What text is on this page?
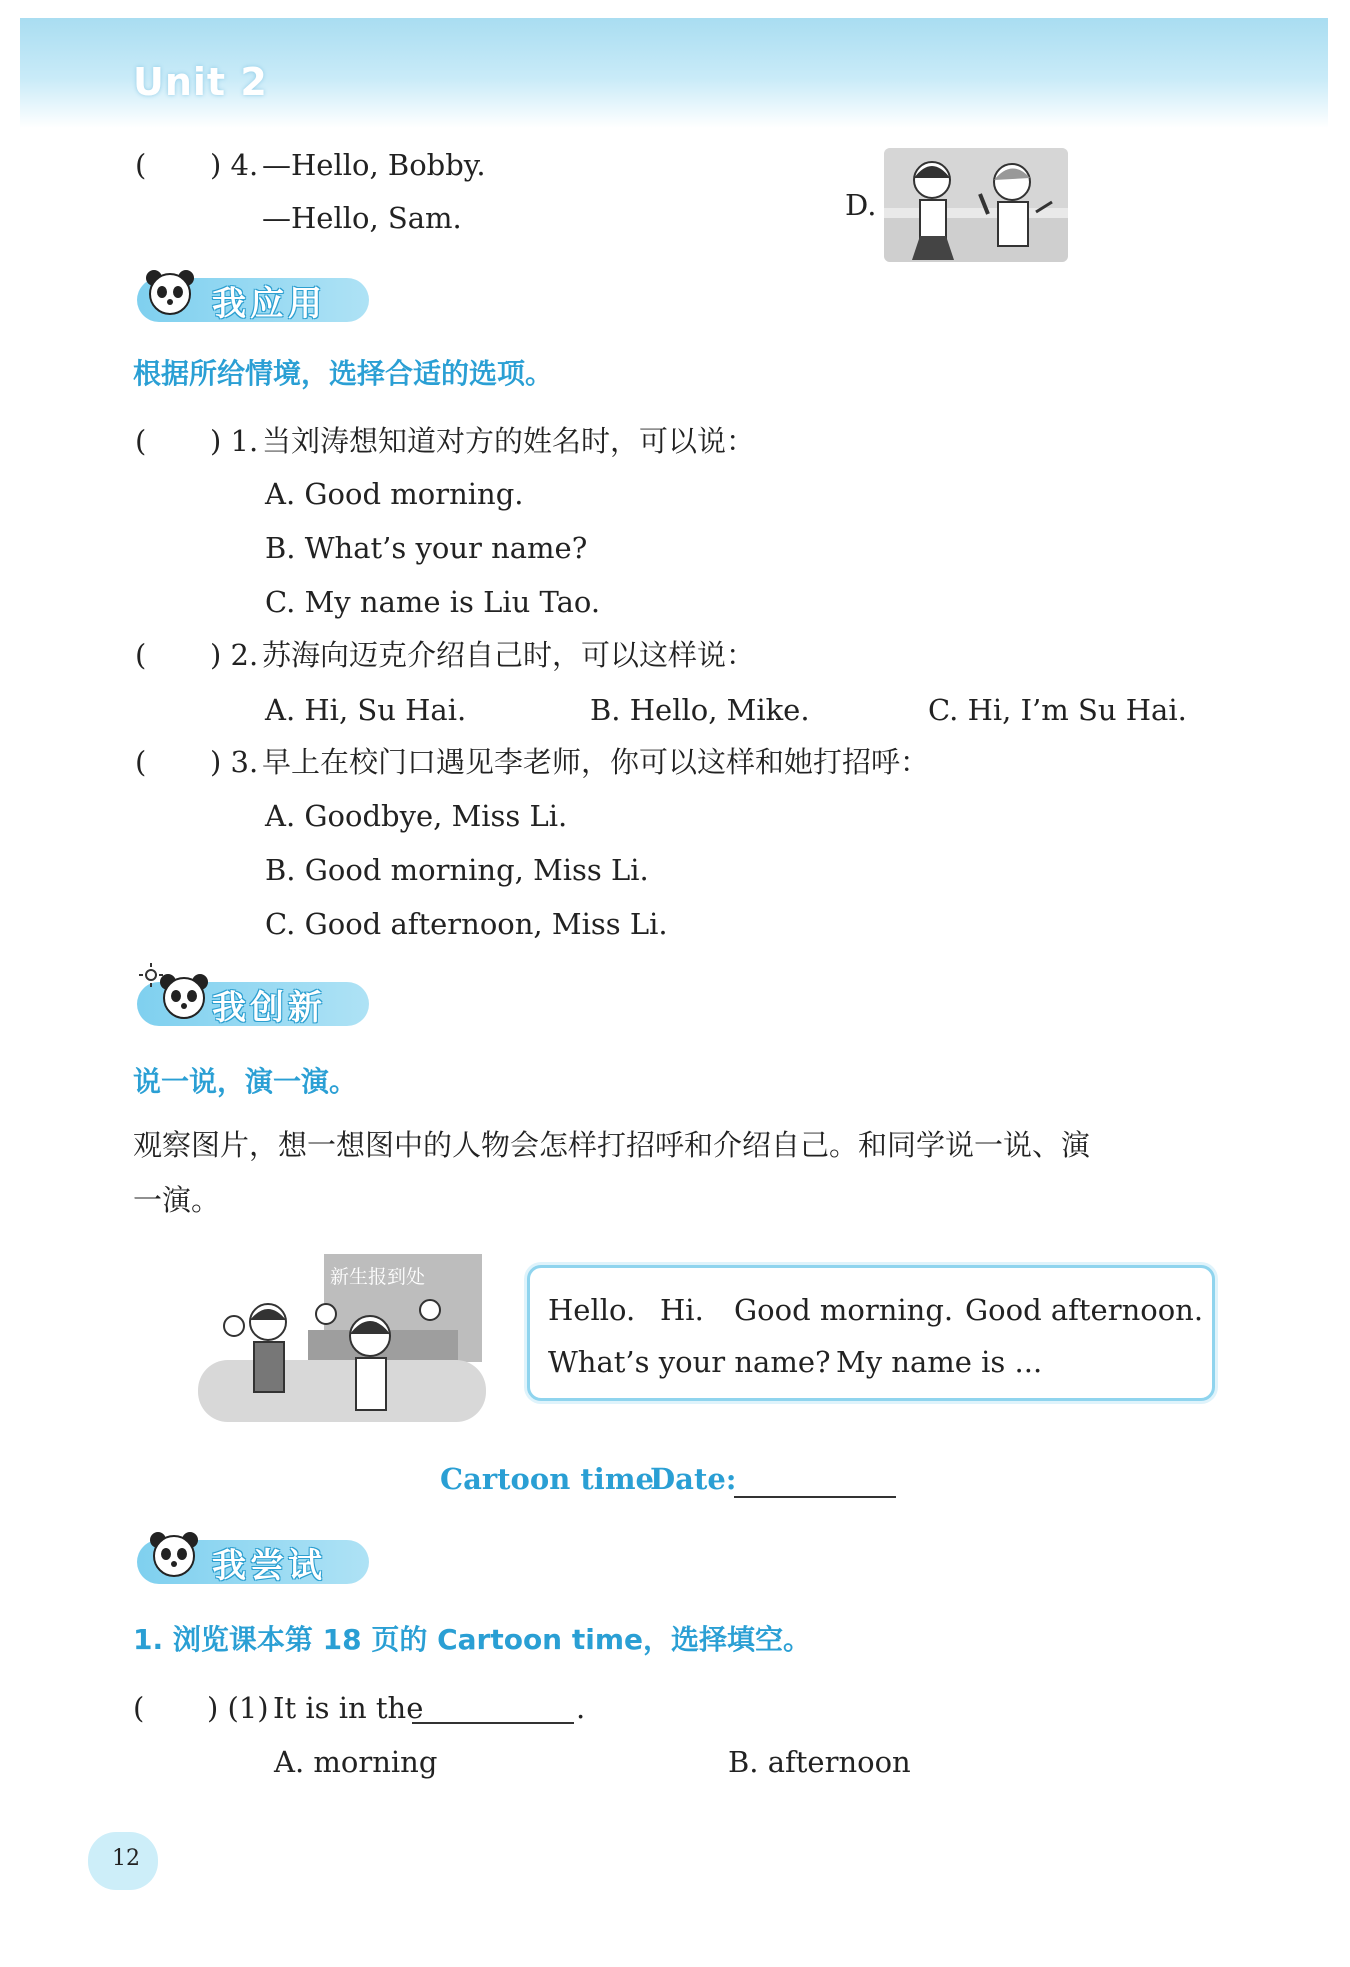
Unit 2
( ) 4. —Hello, Bobby.
—Hello, Sam.	D.
我应用
根据所给情境，选择合适的选项。
( ) 1. 当刘涛想知道对方的姓名时，可以说：
A. Good morning.
B. What’s your name?
C. My name is Liu Tao.
( ) 2. 苏海向迈克介绍自己时，可以这样说：
A. Hi, Su Hai.	B. Hello, Mike.	C. Hi, I’m Su Hai.
( ) 3. 早上在校门口遇见李老师，你可以这样和她打招呼：
A. Goodbye, Miss Li.
B. Good morning, Miss Li.
C. Good afternoon, Miss Li.
我创新
说一说，演一演。
观察图片，想一想图中的人物会怎样打招呼和介绍自己。和同学说一说、演
一演。
新生报到处
Hello. Hi. Good morning. Good afternoon.
What’s your name? My name is ...
Cartoon time
Date:
我尝试
1. 浏览课本第 18 页的 Cartoon time，选择填空。
( ) (1) It is in the	.
A. morning	B. afternoon
12
